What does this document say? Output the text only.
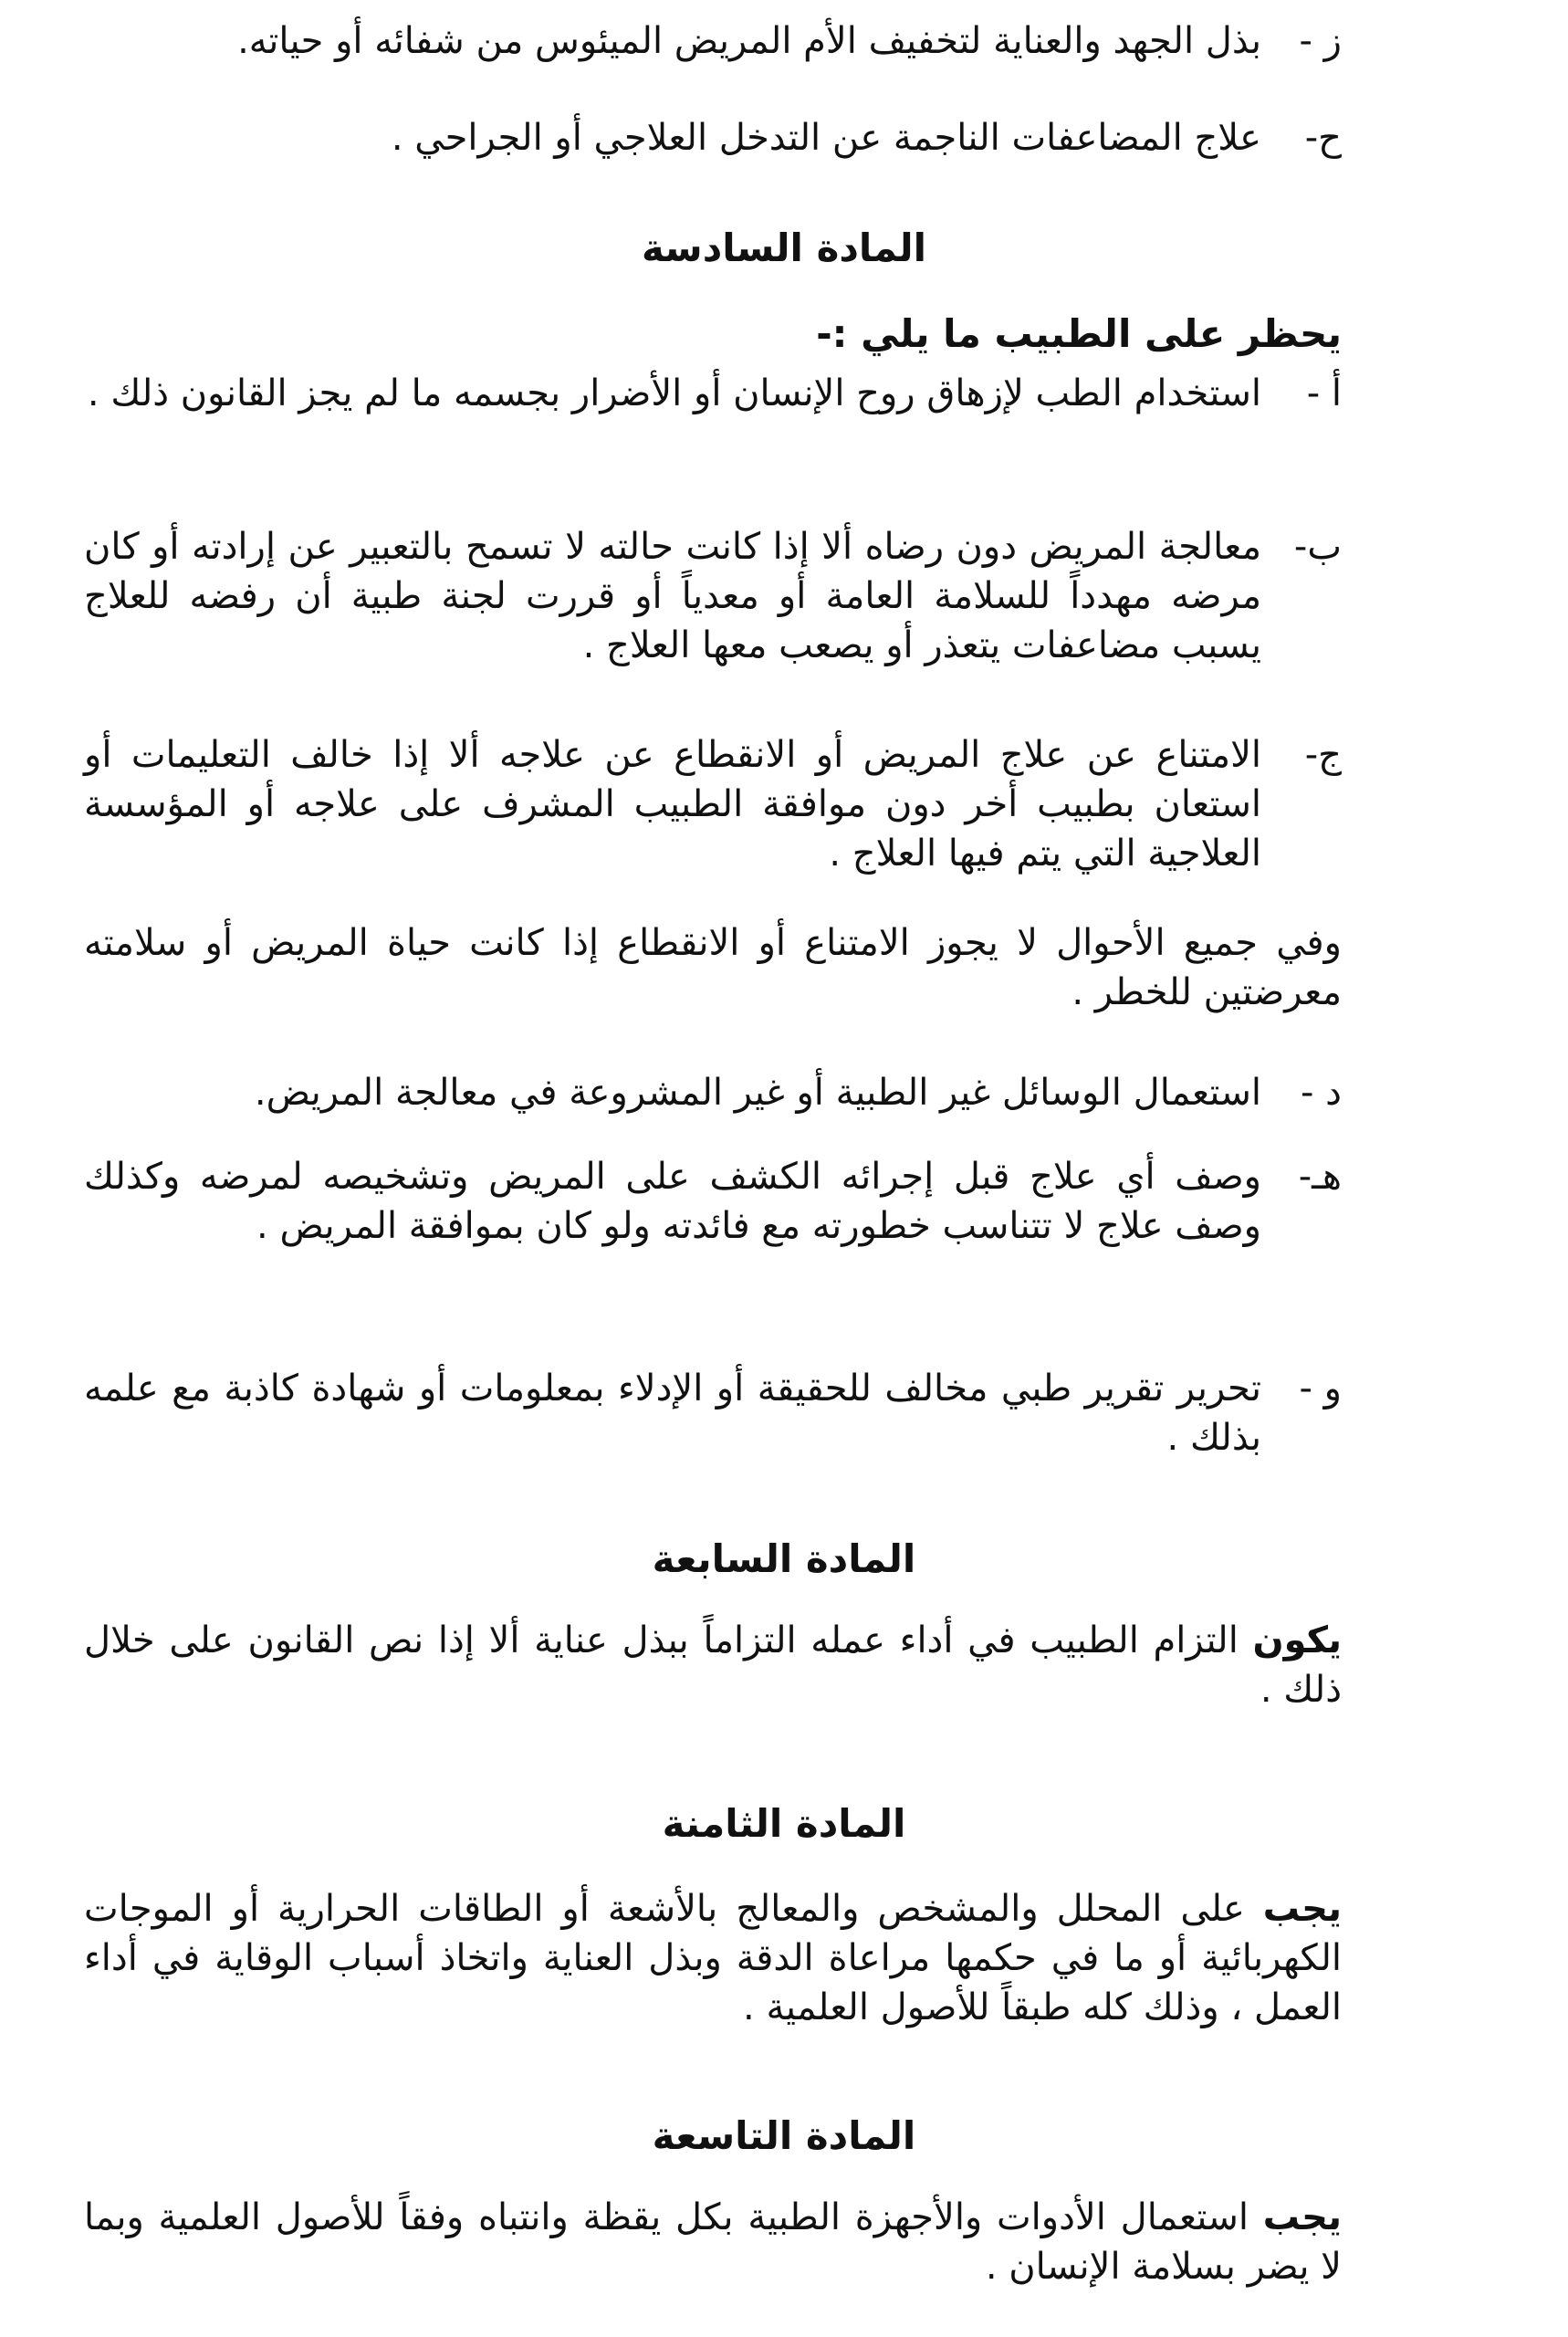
ز -
بذل الجهد والعناية لتخفيف الأم المريض الميئوس من شفائه أو حياته.
ح-
علاج المضاعفات الناجمة عن التدخل العلاجي أو الجراحي .
المادة السادسة
يحظر على الطبيب ما يلي :-
أ -
استخدام الطب لإزهاق روح الإنسان أو الأضرار بجسمه ما لم يجز القانون ذلك .
ب-
معالجة المريض دون رضاه ألا إذا كانت حالته لا تسمح بالتعبير عن إرادته أو كان مرضه مهدداً للسلامة العامة أو معدياً أو قررت لجنة طبية أن رفضه للعلاج يسبب مضاعفات يتعذر أو يصعب معها العلاج .
ج-
الامتناع عن علاج المريض أو الانقطاع عن علاجه ألا إذا خالف التعليمات أو استعان بطبيب أخر دون موافقة الطبيب المشرف على علاجه أو المؤسسة العلاجية التي يتم فيها العلاج .
وفي جميع الأحوال لا يجوز الامتناع أو الانقطاع إذا كانت حياة المريض أو سلامته معرضتين للخطر .
د -
استعمال الوسائل غير الطبية أو غير المشروعة في معالجة المريض.
هـ-
وصف أي علاج قبل إجرائه الكشف على المريض وتشخيصه لمرضه وكذلك وصف علاج لا تتناسب خطورته مع فائدته ولو كان بموافقة المريض .
و -
تحرير تقرير طبي مخالف للحقيقة أو الإدلاء بمعلومات أو شهادة كاذبة مع علمه بذلك .
المادة السابعة
يكون التزام الطبيب في أداء عمله التزاماً ببذل عناية ألا إذا نص القانون على خلال ذلك .
المادة الثامنة
يجب على المحلل والمشخص والمعالج بالأشعة أو الطاقات الحرارية أو الموجات الكهربائية أو ما في حكمها مراعاة الدقة وبذل العناية واتخاذ أسباب الوقاية في أداء العمل ، وذلك كله طبقاً للأصول العلمية .
المادة التاسعة
يجب استعمال الأدوات والأجهزة الطبية بكل يقظة وانتباه وفقاً للأصول العلمية وبما لا يضر بسلامة الإنسان .
